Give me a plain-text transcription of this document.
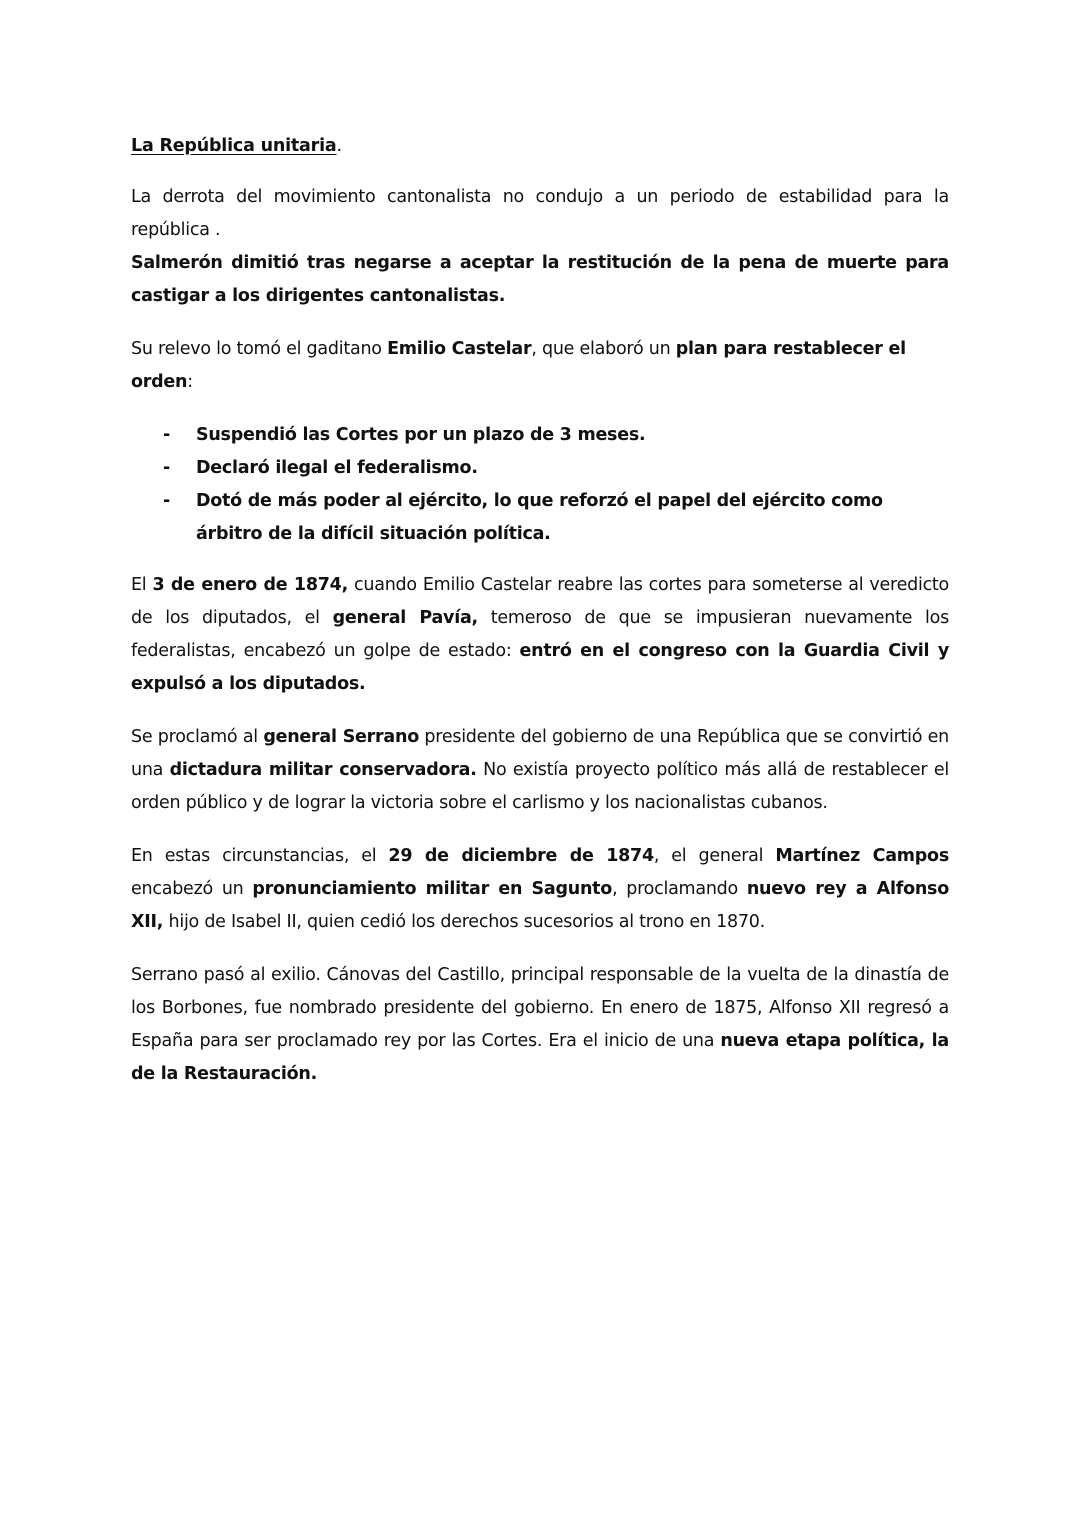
La República unitaria.

La derrota del movimiento cantonalista no condujo a un periodo de estabilidad para la república .
Salmerón dimitió tras negarse a aceptar la restitución de la pena de muerte para castigar a los dirigentes cantonalistas.

Su relevo lo tomó el gaditano Emilio Castelar, que elaboró un plan para restablecer el orden:

- Suspendió las Cortes por un plazo de 3 meses.
- Declaró ilegal el federalismo.
- Dotó de más poder al ejército, lo que reforzó el papel del ejército como árbitro de la difícil situación política.

El 3 de enero de 1874, cuando Emilio Castelar reabre las cortes para someterse al veredicto de los diputados, el general Pavía, temeroso de que se impusieran nuevamente los federalistas, encabezó un golpe de estado: entró en el congreso con la Guardia Civil y expulsó a los diputados.

Se proclamó al general Serrano presidente del gobierno de una República que se convirtió en una dictadura militar conservadora. No existía proyecto político más allá de restablecer el orden público y de lograr la victoria sobre el carlismo y los nacionalistas cubanos.

En estas circunstancias, el 29 de diciembre de 1874, el general Martínez Campos encabezó un pronunciamiento militar en Sagunto, proclamando nuevo rey a Alfonso XII, hijo de Isabel II, quien cedió los derechos sucesorios al trono en 1870.

Serrano pasó al exilio. Cánovas del Castillo, principal responsable de la vuelta de la dinastía de los Borbones, fue nombrado presidente del gobierno. En enero de 1875, Alfonso XII regresó a España para ser proclamado rey por las Cortes. Era el inicio de una nueva etapa política, la de la Restauración.
